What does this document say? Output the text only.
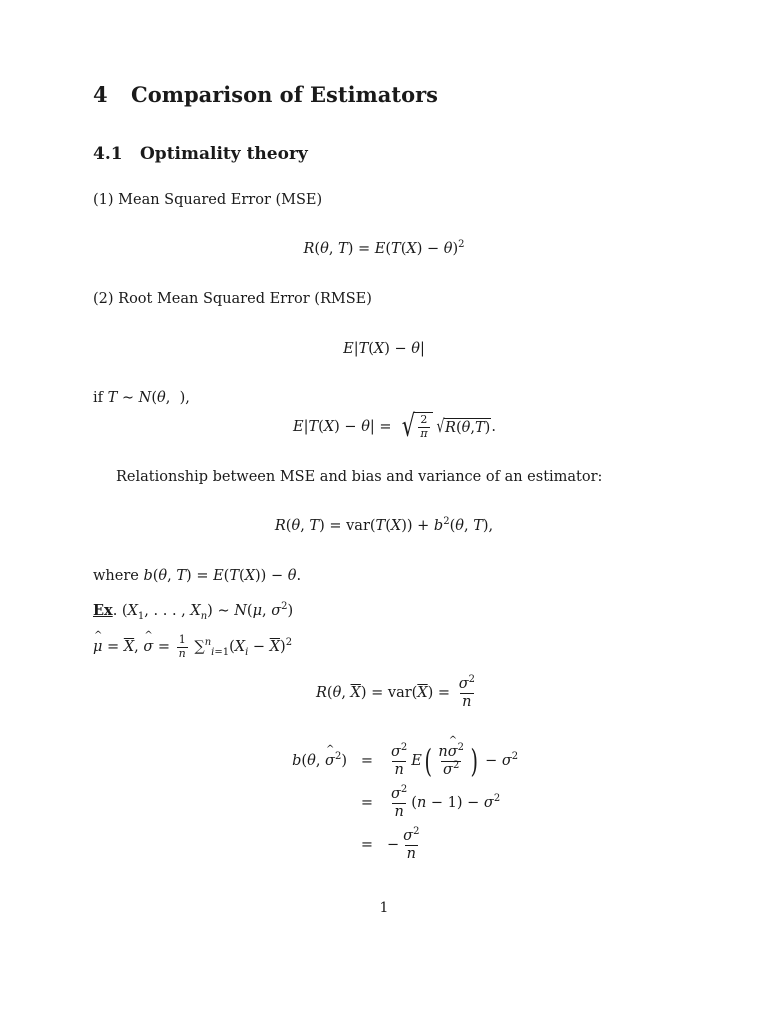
4 Comparison of Estimators
4.1 Optimality theory
(1) Mean Squared Error (MSE)
R(θ, $T) = E(T(X) - \theta)^2$
(2) Root Mean Squared Error (RMSE)
E|T(X) − θ|
if T ∼ N(θ,  ),
E|T(X) − θ| = √ $\frac{2}{\pi}$ √ R ( θ , T ) .
Relationship between MSE and bias and variance of an estimator:
R(θ, $T) = var(T(X)) + b^2(\theta$, T),
where b(θ, T) = E(T(X)) − θ.
Ex. ($X_1$, . . . , $X_n$) ∼ N(μ, $\sigma^2$)
^ $\mu = \overline{X}$, ^ $\sigma = \frac{1}{n} \sum^n_{i=1}(X_i - \overline{X})^2$
R(θ, $\overline{X}) = var(\overline{X}) = \frac{\sigma^2}{n}$
b(θ, ^ $\sigma^2$) =	$\frac{\sigma^2}{n}$ E ( $\frac{n\^{} \sigma^2}{\sigma^2}$ ) − $\sigma^2$
=	$\frac{\sigma^2}{n} (n - 1) - \sigma^2$
= − $\frac{\sigma^2}{n}$
1
